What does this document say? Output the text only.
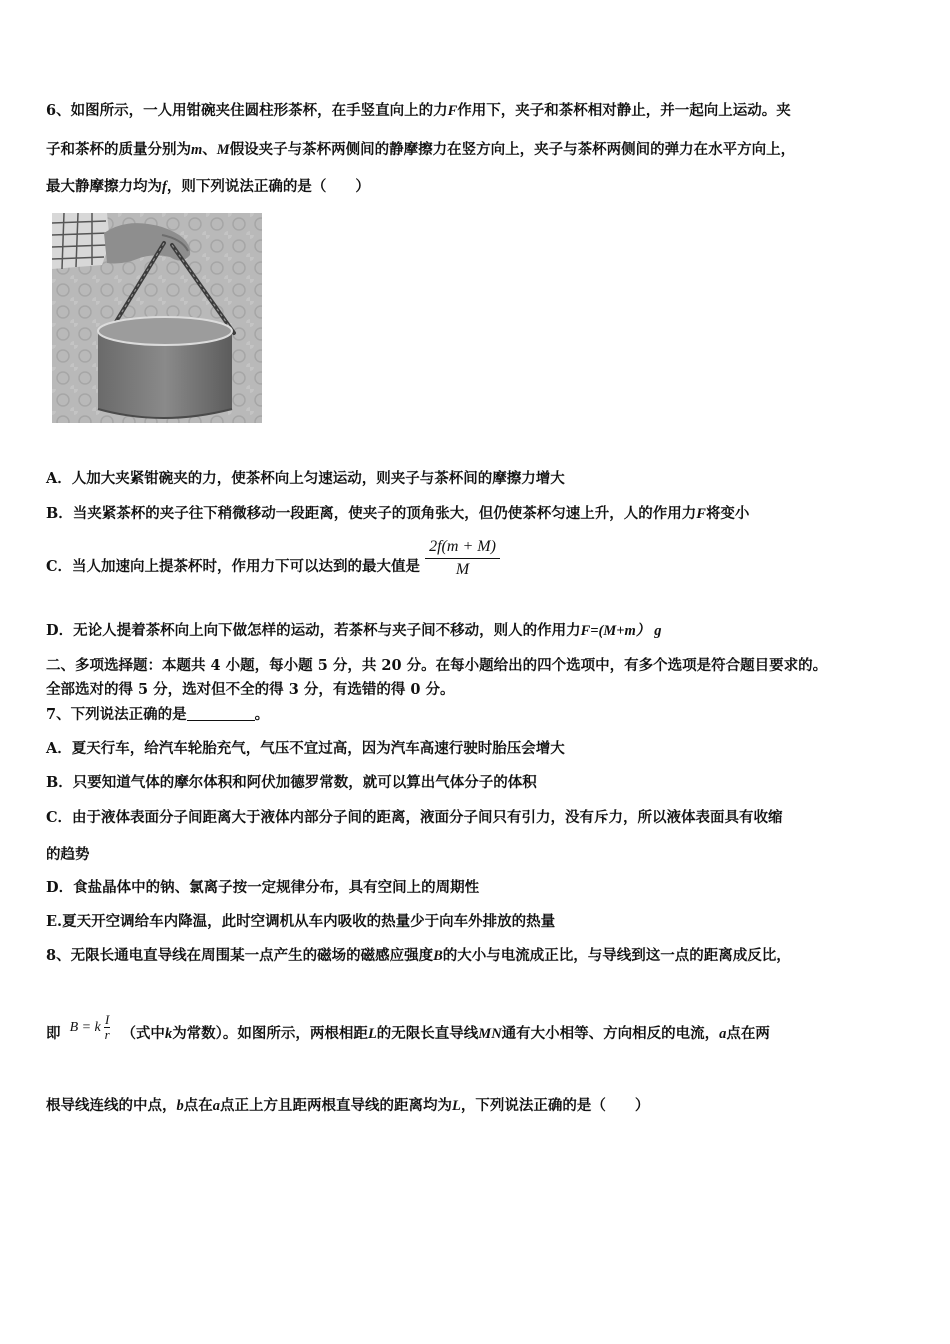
6、如图所示，一人用钳碗夹住圆柱形茶杯，在手竖直向上的力F作用下，夹子和茶杯相对静止，并一起向上运动。夹
子和茶杯的质量分别为m、M假设夹子与茶杯两侧间的静摩擦力在竖方向上，夹子与茶杯两侧间的弹力在水平方向上，
最大静摩擦力均为f，则下列说法正确的是（　　）
A．人加大夹紧钳碗夹的力，使茶杯向上匀速运动，则夹子与茶杯间的摩擦力增大
B．当夹紧茶杯的夹子往下稍微移动一段距离，使夹子的顶角张大，但仍使茶杯匀速上升，人的作用力F将变小
C．当人加速向上提茶杯时，作用力下可以达到的最大值是 $\frac{2f(m + M)}{M}$
D．无论人提着茶杯向上向下做怎样的运动，若茶杯与夹子间不移动，则人的作用力F=(M+m） g
二、多项选择题：本题共 4 小题，每小题 5 分，共 20 分。在每小题给出的四个选项中，有多个选项是符合题目要求的。
全部选对的得 5 分，选对但不全的得 3 分，有选错的得 0 分。
7、下列说法正确的是	。
A．夏天行车，给汽车轮胎充气，气压不宜过高，因为汽车高速行驶时胎压会增大
B．只要知道气体的摩尔体积和阿伏加德罗常数，就可以算出气体分子的体积
C．由于液体表面分子间距离大于液体内部分子间的距离，液面分子间只有引力，没有斥力，所以液体表面具有收缩
的趋势
D．食盐晶体中的钠、氯离子按一定规律分布，具有空间上的周期性
E.夏天开空调给车内降温，此时空调机从车内吸收的热量少于向车外排放的热量
8、无限长通电直导线在周围某一点产生的磁场的磁感应强度B的大小与电流成正比，与导线到这一点的距离成反比，
即 B = k $\frac{I}{r}$ （式中k为常数）。如图所示，两根相距L的无限长直导线MN通有大小相等、方向相反的电流，a点在两
根导线连线的中点，b点在a点正上方且距两根直导线的距离均为L，下列说法正确的是（　　）
